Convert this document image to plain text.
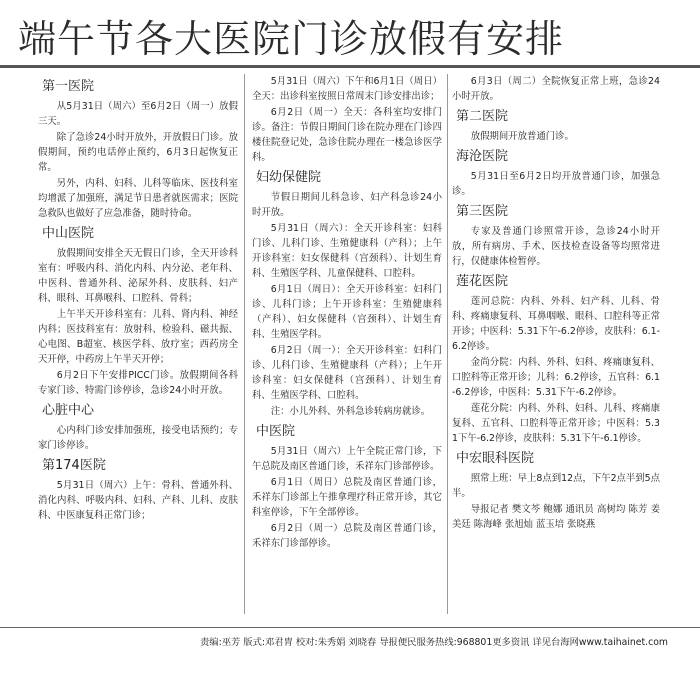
端午节各大医院门诊放假有安排
第一医院
从5月31日（周六）至6月2日（周一）放假三天。
除了急诊24小时开放外，开放假日门诊。放假期间，预约电话停止预约，6月3日起恢复正常。
另外，内科、妇科、儿科等临床、医技科室均增派了加强班，满足节日患者就医需求；医院急救队也做好了应急准备，随时待命。
中山医院
放假期间安排全天无假日门诊，全天开诊科室有：呼吸内科、消化内科、内分泌、老年科、中医科、普通外科、泌尿外科、皮肤科、妇产科、眼科、耳鼻喉科、口腔科、骨科；
上午半天开诊科室有：儿科、肾内科、神经内科；医技科室有：放射科、检验科、磁共振、心电图、B超室、核医学科、放疗室；西药房全天开停，中药房上午半天开停；
6月2日下午安排PICC门诊。放假期间各科专家门诊、特需门诊停诊，急诊24小时开放。
心脏中心
心内科门诊安排加强班，接受电话预约；专家门诊停诊。
第174医院
5月31日（周六）上午：骨科、普通外科、消化内科、呼吸内科、妇科、产科、儿科、皮肤科、中医康复科正常门诊；
5月31日（周六）下午和6月1日（周日）全天：出诊科室按照日常周末门诊安排出诊；
6月2日（周一）全天：各科室均安排门诊。备注：节假日期间门诊在院办理在门诊四楼住院登记处，急诊住院办理在一楼急诊医学科。
妇幼保健院
节假日期间儿科急诊、妇产科急诊24小时开放。
5月31日（周六）：全天开诊科室：妇科门诊、儿科门诊、生殖健康科（产科）；上午开诊科室：妇女保健科（宫颈科）、计划生育科、生殖医学科、儿童保健科、口腔科。
6月1日（周日）：全天开诊科室：妇科门诊、儿科门诊；上午开诊科室：生殖健康科（产科）、妇女保健科（宫颈科）、计划生育科、生殖医学科。
6月2日（周一）：全天开诊科室：妇科门诊、儿科门诊、生殖健康科（产科）；上午开诊科室：妇女保健科（宫颈科）、计划生育科、生殖医学科、口腔科。
注：小儿外科、外科急诊转病房就诊。
中医院
5月31日（周六）上午全院正常门诊，下午总院及南区普通门诊，禾祥东门诊部停诊。
6月1日（周日）总院及南区普通门诊，禾祥东门诊部上午推拿理疗科正常开诊，其它科室停诊，下午全部停诊。
6月2日（周一）总院及南区普通门诊，禾祥东门诊部停诊。
6月3日（周二）全院恢复正常上班，急诊24小时开放。
第二医院
放假期间开放普通门诊。
海沧医院
5月31日至6月2日均开放普通门诊，加强急诊。
第三医院
专家及普通门诊照常开诊，急诊24小时开放，所有病房、手术、医技检查设备等均照常进行，仅健康体检暂停。
莲花医院
莲河总院：内科、外科、妇产科、儿科、骨科、疼痛康复科、耳鼻咽喉、眼科、口腔科等正常开诊；中医科：5.31下午-6.2停诊，皮肤科：6.1-6.2停诊。
金尚分院：内科、外科、妇科、疼痛康复科、口腔科等正常开诊；儿科：6.2停诊，五官科：6.1-6.2停诊，中医科：5.31下午-6.2停诊。
莲花分院：内科、外科、妇科、儿科、疼痛康复科、五官科、口腔科等正常开诊；中医科：5.31下午-6.2停诊，皮肤科：5.31下午-6.1停诊。
中宏眼科医院
照常上班：早上8点到12点，下午2点半到5点半。
导报记者 樊文芩 鲍娜 通讯员 高树均 陈芳 姜美廷 陈海峰 张旭灿 蓝玉培 张晓燕
责编:巫芳 版式:邓君胄 校对:朱秀娟 刘晓春 导报便民服务热线:968801更多资讯 详见台海网www.taihainet.com
